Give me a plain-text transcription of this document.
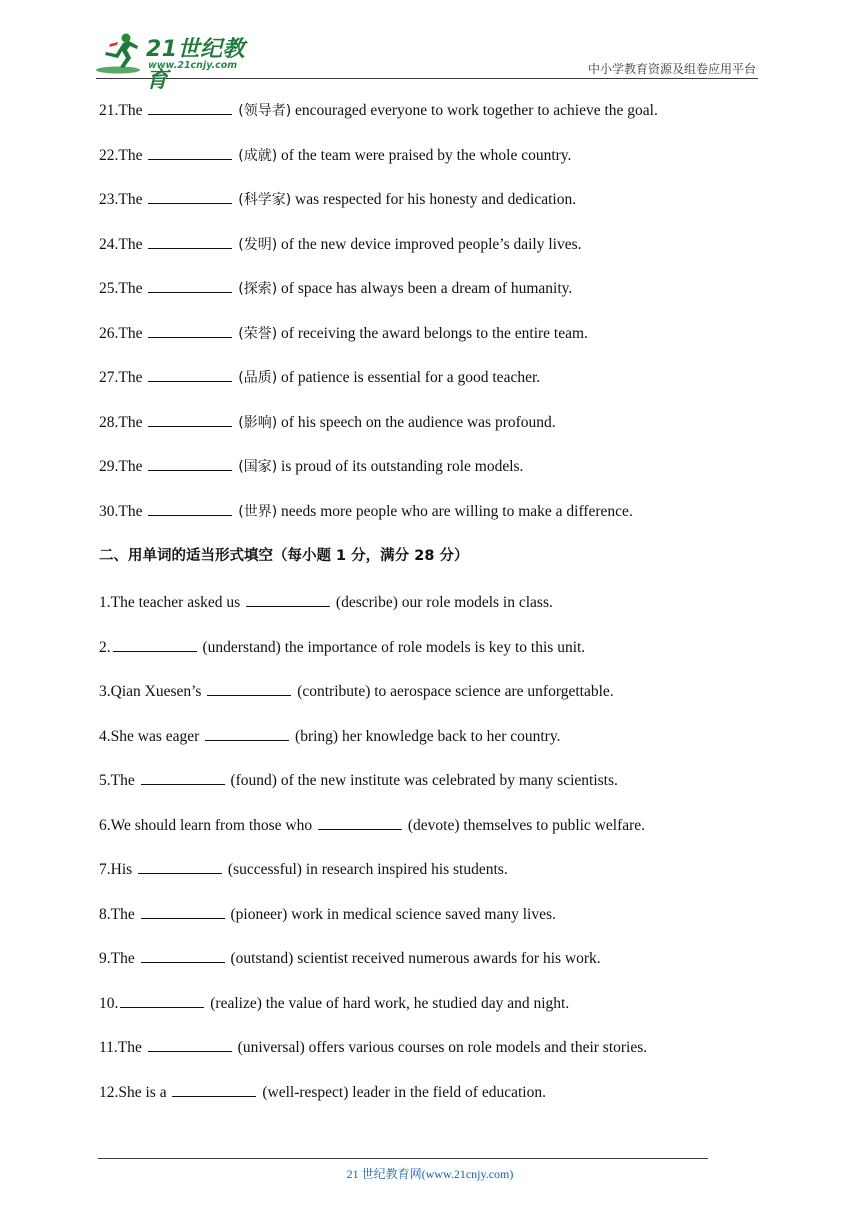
21世纪教育
www.21cnjy.com	中小学教育资源及组卷应用平台
21.The	(领导者) encouraged everyone to work together to achieve the goal.
22.The	(成就) of the team were praised by the whole country.
23.The	(科学家) was respected for his honesty and dedication.
24.The	(发明) of the new device improved people’s daily lives.
25.The	(探索) of space has always been a dream of humanity.
26.The	(荣誉) of receiving the award belongs to the entire team.
27.The	(品质) of patience is essential for a good teacher.
28.The	(影响) of his speech on the audience was profound.
29.The	(国家) is proud of its outstanding role models.
30.The	(世界) needs more people who are willing to make a difference.
二、用单词的适当形式填空（每小题 1 分，满分 28 分）
1.The teacher asked us	(describe) our role models in class.
2.	(understand) the importance of role models is key to this unit.
3.Qian Xuesen’s	(contribute) to aerospace science are unforgettable.
4.She was eager	(bring) her knowledge back to her country.
5.The	(found) of the new institute was celebrated by many scientists.
6.We should learn from those who	(devote) themselves to public welfare.
7.His	(successful) in research inspired his students.
8.The	(pioneer) work in medical science saved many lives.
9.The	(outstand) scientist received numerous awards for his work.
10.	(realize) the value of hard work, he studied day and night.
11.The	(universal) offers various courses on role models and their stories.
12.She is a	(well-respect) leader in the field of education.
21 世纪教育网(www.21cnjy.com)
